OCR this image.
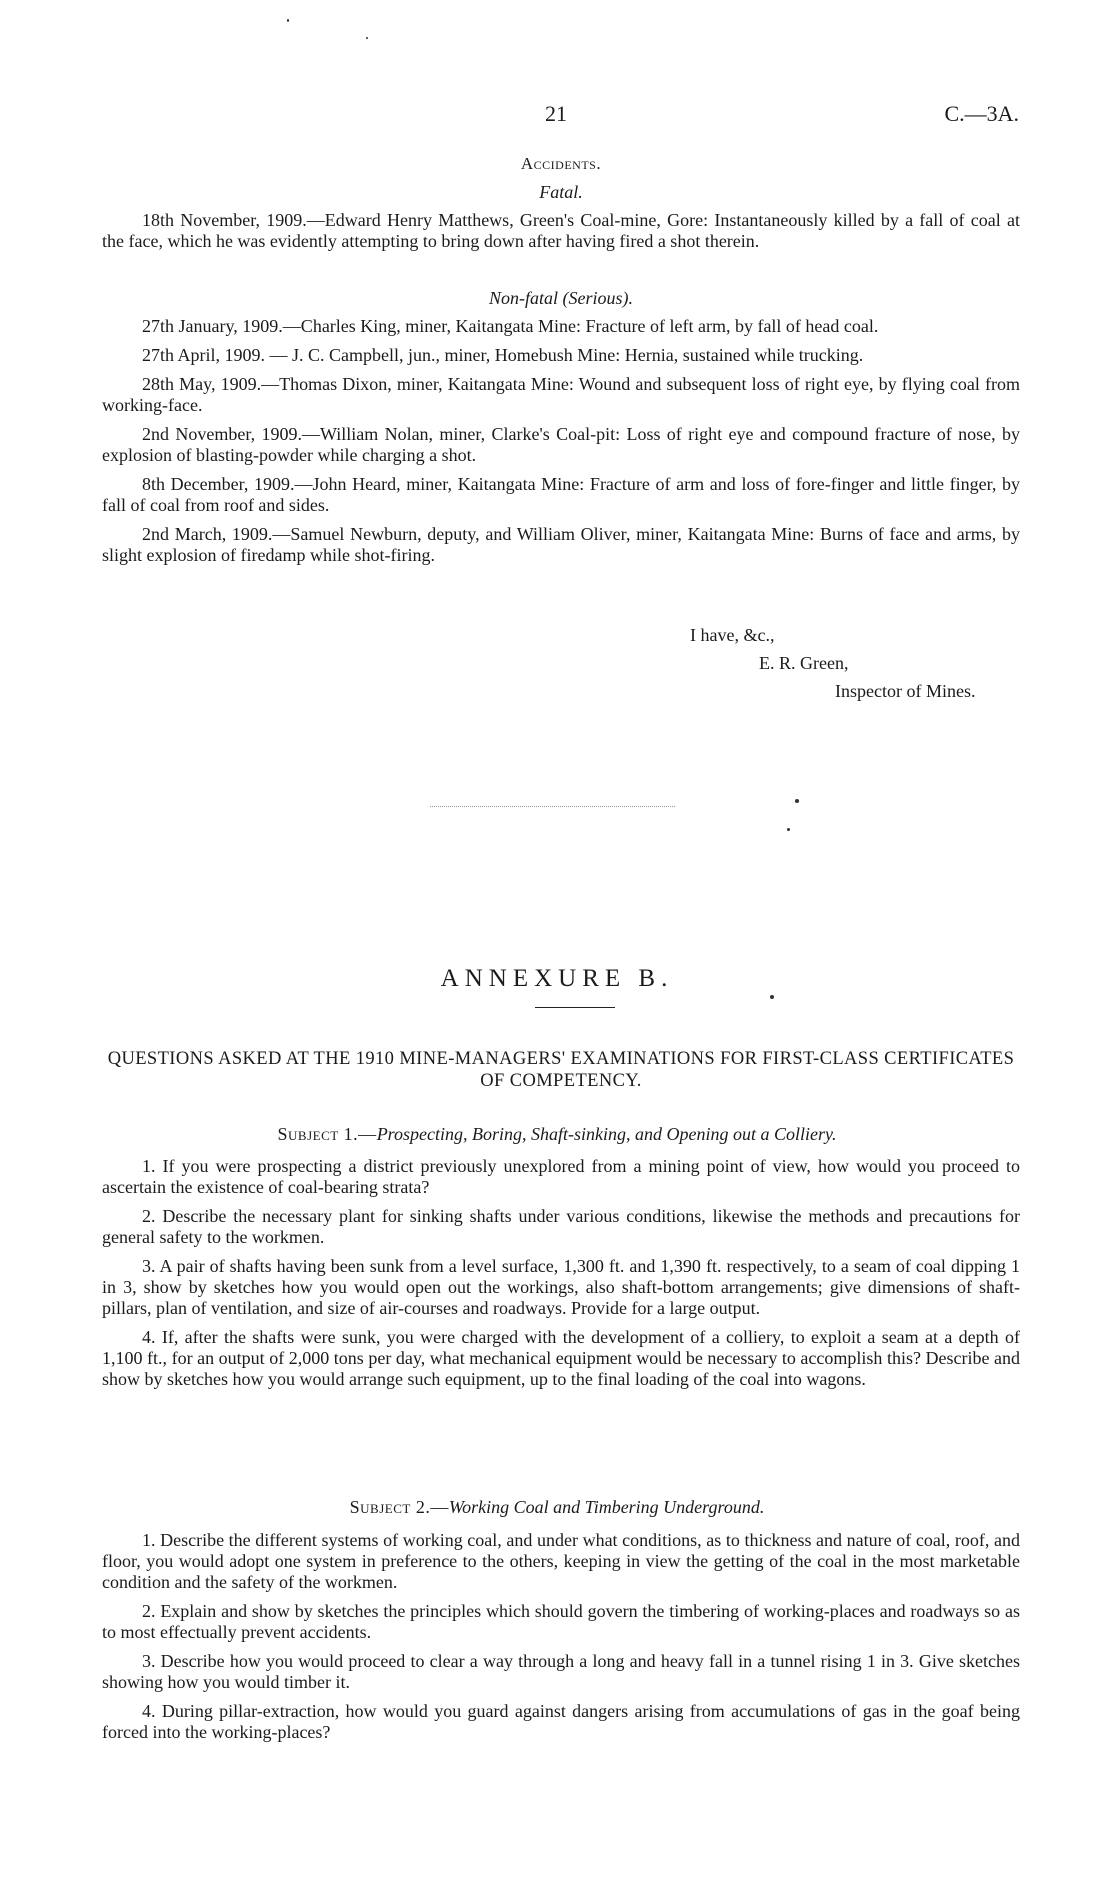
21	C.—3A.
Accidents.
Fatal.

18th November, 1909.—Edward Henry Matthews, Green's Coal-mine, Gore: Instantaneously killed by a fall of coal at the face, which he was evidently attempting to bring down after having fired a shot therein.

Non-fatal (Serious).

27th January, 1909.—Charles King, miner, Kaitangata Mine: Fracture of left arm, by fall of head coal.

27th April, 1909. — J. C. Campbell, jun., miner, Homebush Mine: Hernia, sustained while trucking.

28th May, 1909.—Thomas Dixon, miner, Kaitangata Mine: Wound and subsequent loss of right eye, by flying coal from working-face.

2nd November, 1909.—William Nolan, miner, Clarke's Coal-pit: Loss of right eye and compound fracture of nose, by explosion of blasting-powder while charging a shot.

8th December, 1909.—John Heard, miner, Kaitangata Mine: Fracture of arm and loss of fore-finger and little finger, by fall of coal from roof and sides.

2nd March, 1909.—Samuel Newburn, deputy, and William Oliver, miner, Kaitangata Mine: Burns of face and arms, by slight explosion of firedamp while shot-firing.

I have, &c.,
E. R. Green,
Inspector of Mines.
ANNEXURE B.
QUESTIONS ASKED AT THE 1910 MINE-MANAGERS' EXAMINATIONS FOR FIRST-CLASS CERTIFICATES OF COMPETENCY.
Subject 1.—Prospecting, Boring, Shaft-sinking, and Opening out a Colliery.

1. If you were prospecting a district previously unexplored from a mining point of view, how would you proceed to ascertain the existence of coal-bearing strata?

2. Describe the necessary plant for sinking shafts under various conditions, likewise the methods and precautions for general safety to the workmen.

3. A pair of shafts having been sunk from a level surface, 1,300 ft. and 1,390 ft. respectively, to a seam of coal dipping 1 in 3, show by sketches how you would open out the workings, also shaft-bottom arrangements; give dimensions of shaft-pillars, plan of ventilation, and size of air-courses and roadways. Provide for a large output.

4. If, after the shafts were sunk, you were charged with the development of a colliery, to exploit a seam at a depth of 1,100 ft., for an output of 2,000 tons per day, what mechanical equipment would be necessary to accomplish this? Describe and show by sketches how you would arrange such equipment, up to the final loading of the coal into wagons.

Subject 2.—Working Coal and Timbering Underground.

1. Describe the different systems of working coal, and under what conditions, as to thickness and nature of coal, roof, and floor, you would adopt one system in preference to the others, keeping in view the getting of the coal in the most marketable condition and the safety of the workmen.

2. Explain and show by sketches the principles which should govern the timbering of working-places and roadways so as to most effectually prevent accidents.

3. Describe how you would proceed to clear a way through a long and heavy fall in a tunnel rising 1 in 3. Give sketches showing how you would timber it.

4. During pillar-extraction, how would you guard against dangers arising from accumulations of gas in the goaf being forced into the working-places?
